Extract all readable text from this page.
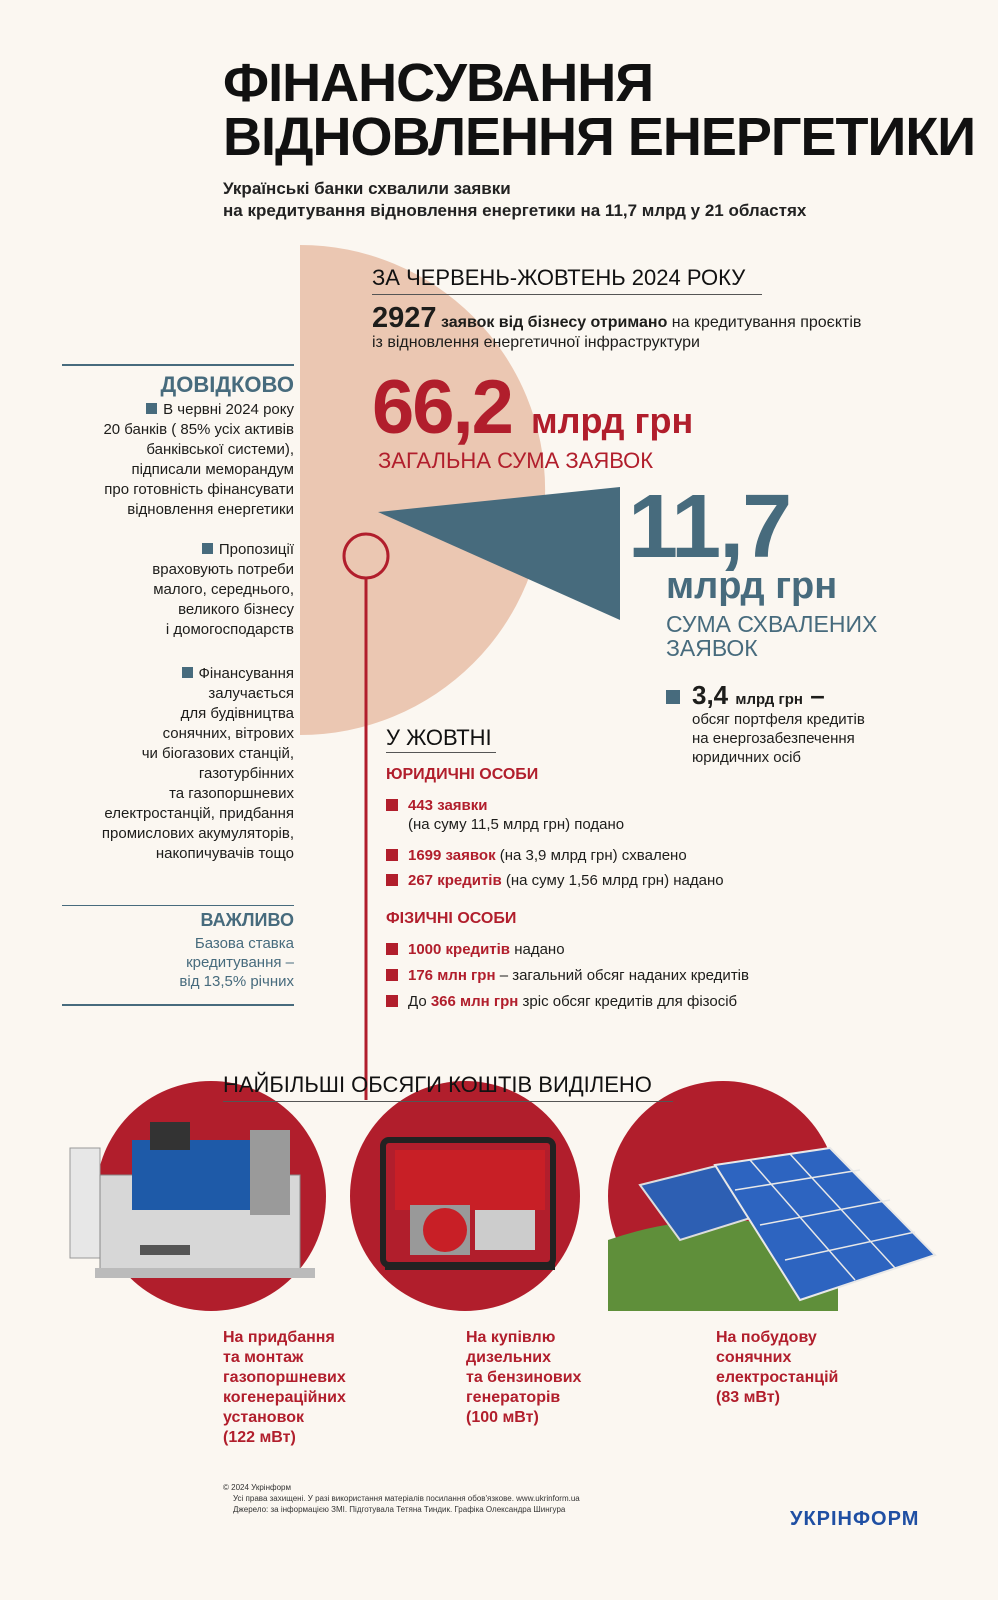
ФІНАНСУВАННЯ
ВІДНОВЛЕННЯ ЕНЕРГЕТИКИ
Українські банки схвалили заявки
на кредитування відновлення енергетики на 11,7 млрд у 21 областях
ЗА ЧЕРВЕНЬ-ЖОВТЕНЬ 2024 РОКУ
2927 заявок від бізнесу отримано на кредитування проєктів
із відновлення енергетичної інфраструктури
66,2 млрд грн
ЗАГАЛЬНА СУМА ЗАЯВОК
11,7
млрд грн
СУМА СХВАЛЕНИХ
ЗАЯВОК
3,4 млрд грн –
обсяг портфеля кредитів
на енергозабезпечення
юридичних осіб
ДОВІДКОВО
В червні 2024 року
20 банків ( 85% усіх активів
банківської системи),
підписали меморандум
про готовність фінансувати
відновлення енергетики
Пропозиції
враховують потреби
малого, середнього,
великого бізнесу
і домогосподарств
Фінансування
залучається
для будівництва
сонячних, вітрових
чи біогазових станцій,
газотурбінних
та газопоршневих
електростанцій, придбання
промислових акумуляторів,
накопичувачів тощо
ВАЖЛИВО
Базова ставка
кредитування –
від 13,5% річних
У ЖОВТНІ
ЮРИДИЧНІ ОСОБИ
443 заявки
(на суму 11,5 млрд грн) подано
1699 заявок (на 3,9 млрд грн) схвалено
267 кредитів (на суму 1,56 млрд грн) надано
ФІЗИЧНІ ОСОБИ
1000 кредитів надано
176 млн грн – загальний обсяг наданих кредитів
До 366 млн грн зріс обсяг кредитів для фізосіб
НАЙБІЛЬШІ ОБСЯГИ КОШТІВ ВИДІЛЕНО
На придбання
та монтаж
газопоршневих
когенераційних
установок
(122 мВт)
На купівлю
дизельних
та бензинових
генераторів
(100 мВт)
На побудову
сонячних
електростанцій
(83 мВт)
© 2024 Укрінформ
Усі права захищені. У разі використання матеріалів посилання обов'язкове. www.ukrinform.ua
Джерело: за інформацією ЗМІ. Підготувала Тетяна Тиндик. Графіка Олександра Шингура	УКРІНФОРМ
